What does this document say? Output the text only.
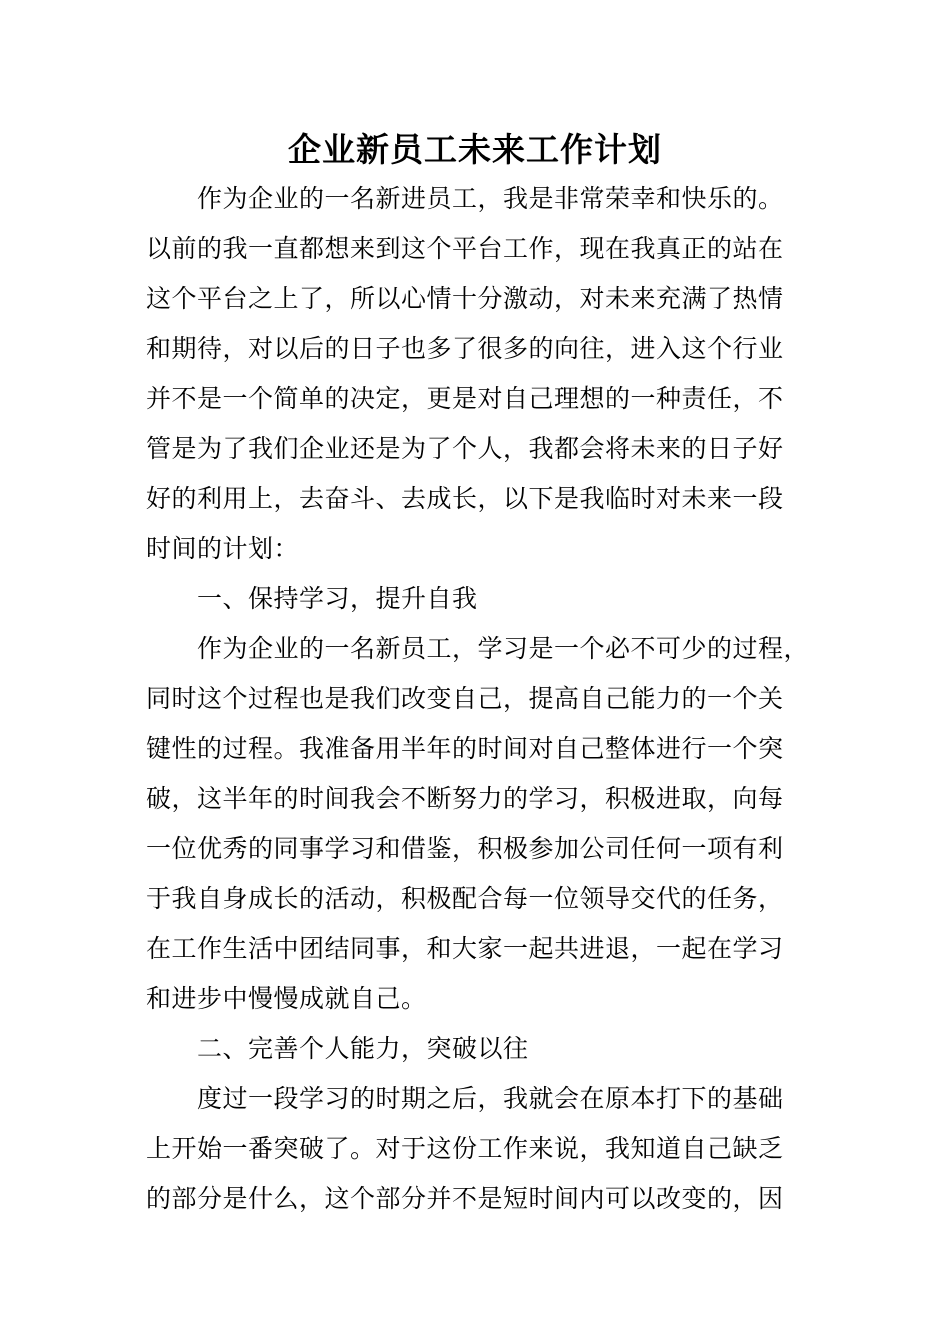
企业新员工未来工作计划
　　作为企业的一名新进员工，我是非常荣幸和快乐的。
以前的我一直都想来到这个平台工作，现在我真正的站在
这个平台之上了，所以心情十分激动，对未来充满了热情
和期待，对以后的日子也多了很多的向往，进入这个行业
并不是一个简单的决定，更是对自己理想的一种责任，不
管是为了我们企业还是为了个人，我都会将未来的日子好
好的利用上，去奋斗、去成长，以下是我临时对未来一段
时间的计划：
　　一、保持学习，提升自我
　　作为企业的一名新员工，学习是一个必不可少的过程，
同时这个过程也是我们改变自己，提高自己能力的一个关
键性的过程。我准备用半年的时间对自己整体进行一个突
破，这半年的时间我会不断努力的学习，积极进取，向每
一位优秀的同事学习和借鉴，积极参加公司任何一项有利
于我自身成长的活动，积极配合每一位领导交代的任务，
在工作生活中团结同事，和大家一起共进退，一起在学习
和进步中慢慢成就自己。
　　二、完善个人能力，突破以往
　　度过一段学习的时期之后，我就会在原本打下的基础
上开始一番突破了。对于这份工作来说，我知道自己缺乏
的部分是什么，这个部分并不是短时间内可以改变的，因
